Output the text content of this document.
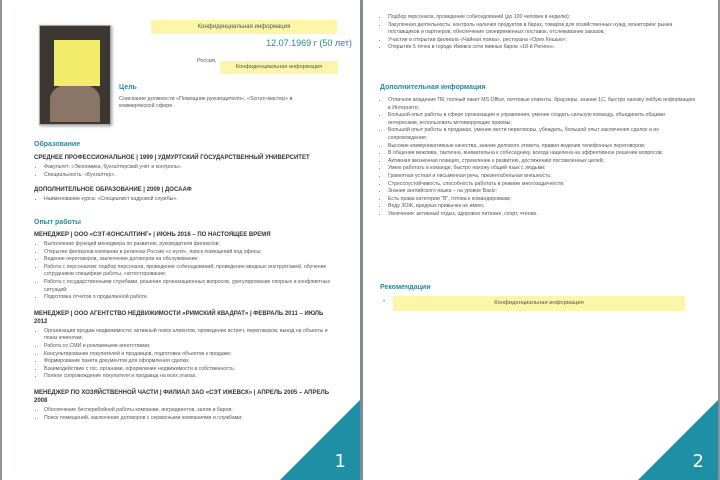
Конфиденциальная информация
12.07.1969 г (50 лет)
Россия,
Конфиденциальная информация
Цель
Соискание должности «Помощник руководителя», «Scrum-мастер» в коммерческой сфере.
Образование
СРЕДНЕЕ ПРОФЕССИОНАЛЬНОЕ | 1999 | УДМУРТСКИЙ ГОСУДАРСТВЕННЫЙ УНИВЕРСИТЕТ
• Факультет: «Экономика, бухгалтерский учёт и контроль».
• Специальность: «Бухгалтер».
ДОПОЛНИТЕЛЬНОЕ ОБРАЗОВАНИЕ | 2009 | ДОСААФ
• Наименование курса: «Специалист кадровой службы».
Опыт работы
МЕНЕДЖЕР | ООО «СЭТ-КОНСАЛТИНГ» | ИЮНЬ 2016 – ПО НАСТОЯЩЕЕ ВРЕМЯ
• Выполнение функций менеджера по развитию, руководителя филиалов;
• Открытие филиалов компании в регионах России «с нуля», поиск помещений под офисы;
• Ведение переговоров, заключение договоров на обслуживание;
• Работа с персоналом: подбор персонала, проведение собеседований, проведение вводных инструктажей, обучение сотрудников специфике работы, «аттестирование;
• Работа с государственными службами, решение организационных вопросов, урегулирование спорных и конфликтных ситуаций;
• Подготовка отчетов о проделанной работе.
МЕНЕДЖЕР | ООО АГЕНТСТВО НЕДВИЖИМОСТИ «РИМСКИЙ КВАДРАТ» | ФЕВРАЛЬ 2011 – ИЮЛЬ 2012
• Организация продаж недвижимости: активный поиск клиентов, проведение встреч, переговоров, выезд на объекты и показ клиентам;
• Работа со СМИ и рекламными агентствами;
• Консультирование покупателей и продавцов, подготовка объектов к продаже;
• Формирование пакета документов для оформления сделки;
• Взаимодействие с гос. органами, оформление недвижимости в собственность;
• Полное сопровождение покупателя и продавца на всех этапах.
МЕНЕДЖЕР ПО ХОЗЯЙСТВЕННОЙ ЧАСТИ | ФИЛИАЛ ЗАО «СЭТ ИЖЕВСК» | АПРЕЛЬ 2005 – АПРЕЛЬ 2008
• Обеспечение бесперебойной работы компании, ингредиентов, залов и баров;
• Поиск помещений, заключение договоров с сервисными компаниями и службами;
1
• Подбор персонала, проведение собеседований (до 100 человек в неделю);
• Закупочная деятельность: контроль наличия продуктов в барах, товаров для хозяйственных нужд, мониторинг рынка поставщиков и партнеров, обеспечение своевременных поставок, отслеживание заказов;
• Участие в открытии филиала «Чайная ложка», ресторана «Орех Кешью»;
• Открытие 5 точек в городе Ижевск сети пивных баров «18-й Регион».
Дополнительная информация
• Отличное владение ПК: полный пакет MS Office, почтовые клиенты, браузеры, знание 1С, быстро нахожу любую информацию в Интернете;
• Большой опыт работы в сфере организации и управления, умение создать сильную команду, объединить общими интересами, использовать мотивирующие приемы;
• Большой опыт работы в продажах, умение вести переговоры, убеждать, большой опыт заключения сделок и их сопровождения;
• Высокие коммуникативные качества, знание делового этикета, правил ведения телефонных переговоров;
• В общении вежлива, тактична, внимательна к собеседнику, всегда нацелена на эффективное решение вопросов;
• Активная жизненная позиция, стремление к развитию, достижению поставленных целей;
• Умею работать в команде, быстро нахожу общий язык с людьми;
• Грамотная устная и письменная речь, презентабельная внешность;
• Стрессоустойчивость, способность работать в режиме многозадачности;
• Знание английского языка – на уровне Basic;
• Есть права категории "В", готова к командировкам;
• Веду ЗОЖ, вредных привычек не имею;
• Увлечения: активный отдых, здоровое питание, спорт, чтение.
Рекомендации
•	Конфиденциальная информация
2
